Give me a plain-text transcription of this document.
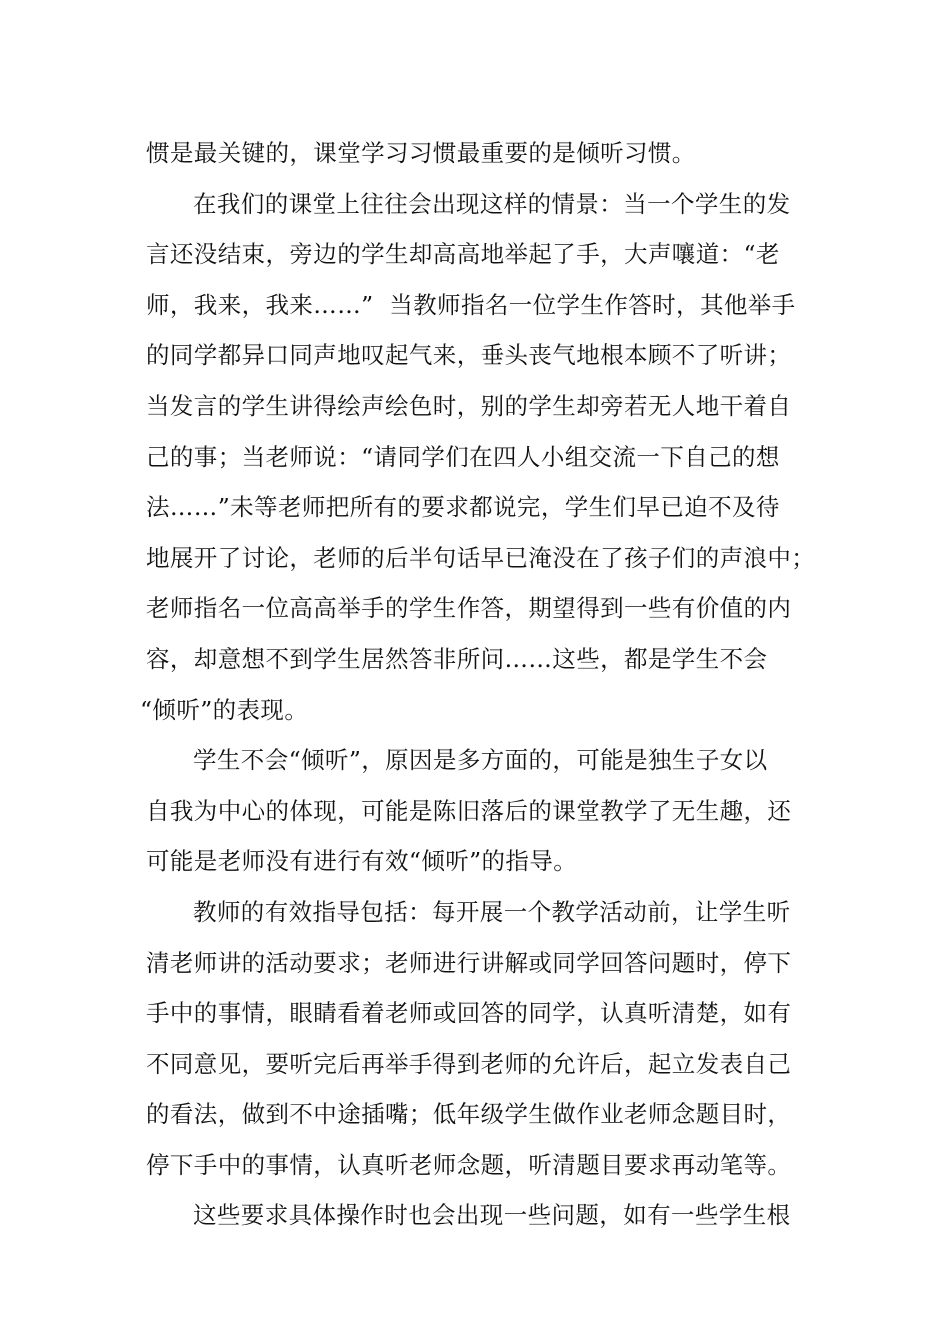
惯是最关键的，课堂学习习惯最重要的是倾听习惯。
在我们的课堂上往往会出现这样的情景：当一个学生的发
言还没结束，旁边的学生却高高地举起了手，大声嚷道：“老
师，我来，我来……”  当教师指名一位学生作答时，其他举手
的同学都异口同声地叹起气来，垂头丧气地根本顾不了听讲；
当发言的学生讲得绘声绘色时，别的学生却旁若无人地干着自
己的事；当老师说：“请同学们在四人小组交流一下自己的想
法……”未等老师把所有的要求都说完，学生们早已迫不及待
地展开了讨论，老师的后半句话早已淹没在了孩子们的声浪中；
老师指名一位高高举手的学生作答，期望得到一些有价值的内
容，却意想不到学生居然答非所问……这些，都是学生不会
“倾听”的表现。
学生不会“倾听”，原因是多方面的，可能是独生子女以
自我为中心的体现，可能是陈旧落后的课堂教学了无生趣，还
可能是老师没有进行有效“倾听”的指导。
教师的有效指导包括：每开展一个教学活动前，让学生听
清老师讲的活动要求；老师进行讲解或同学回答问题时，停下
手中的事情，眼睛看着老师或回答的同学，认真听清楚，如有
不同意见，要听完后再举手得到老师的允许后，起立发表自己
的看法，做到不中途插嘴；低年级学生做作业老师念题目时，
停下手中的事情，认真听老师念题，听清题目要求再动笔等。
这些要求具体操作时也会出现一些问题，如有一些学生根
